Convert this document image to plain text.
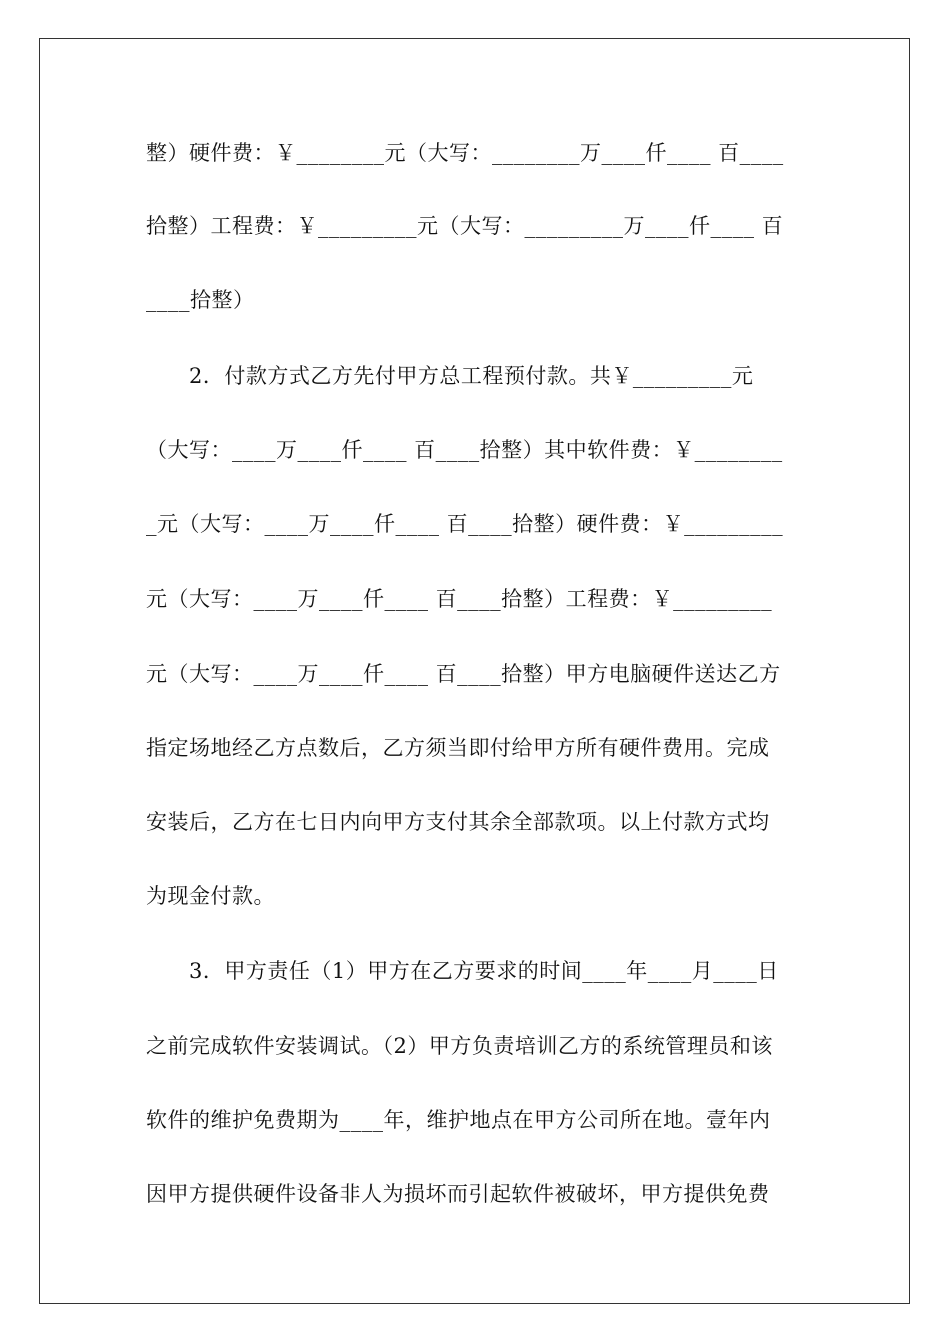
整）硬件费：￥________元（大写：________万____仟____ 百____
拾整）工程费：￥_________元（大写：_________万____仟____ 百
____拾整）
　　2．付款方式乙方先付甲方总工程预付款。共￥_________元
（大写：____万____仟____ 百____拾整）其中软件费：￥________
_元（大写：____万____仟____ 百____拾整）硬件费：￥_________
元（大写：____万____仟____ 百____拾整）工程费：￥_________
元（大写：____万____仟____ 百____拾整）甲方电脑硬件送达乙方
指定场地经乙方点数后，乙方须当即付给甲方所有硬件费用。完成
安装后，乙方在七日内向甲方支付其余全部款项。以上付款方式均
为现金付款。
　　3．甲方责任（1）甲方在乙方要求的时间____年____月____日
之前完成软件安装调试。（2）甲方负责培训乙方的系统管理员和该
软件的维护免费期为____年，维护地点在甲方公司所在地。壹年内
因甲方提供硬件设备非人为损坏而引起软件被破坏，甲方提供免费
